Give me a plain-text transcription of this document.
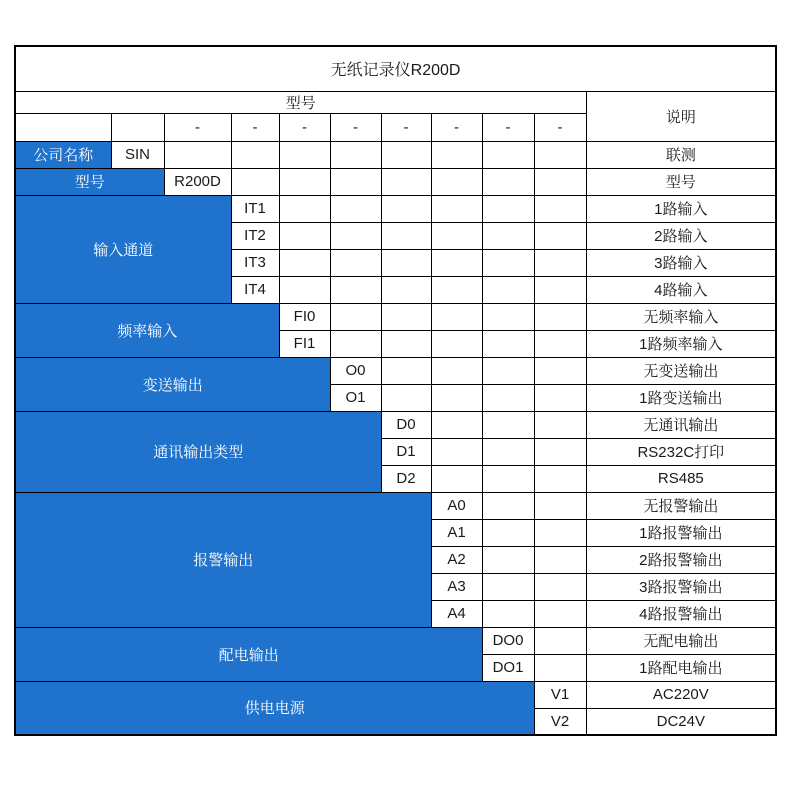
无纸记录仪R200D										
型号										说明
		-	-	-	-	-	-	-	-	
公司名称	SIN									联测
型号		R200D								型号
输入通道			IT1							1路输入
			IT2							2路输入
			IT3							3路输入
			IT4							4路输入
频率输入				FI0						无频率输入
				FI1						1路频率输入
变送输出					O0					无变送输出
					O1					1路变送输出
通讯输出类型						D0				无通讯输出
						D1				RS232C打印
						D2				RS485
报警输出							A0			无报警输出
							A1			1路报警输出
							A2			2路报警输出
							A3			3路报警输出
							A4			4路报警输出
配电输出								DO0		无配电输出
								DO1		1路配电输出
供电电源									V1	AC220V
									V2	DC24V
